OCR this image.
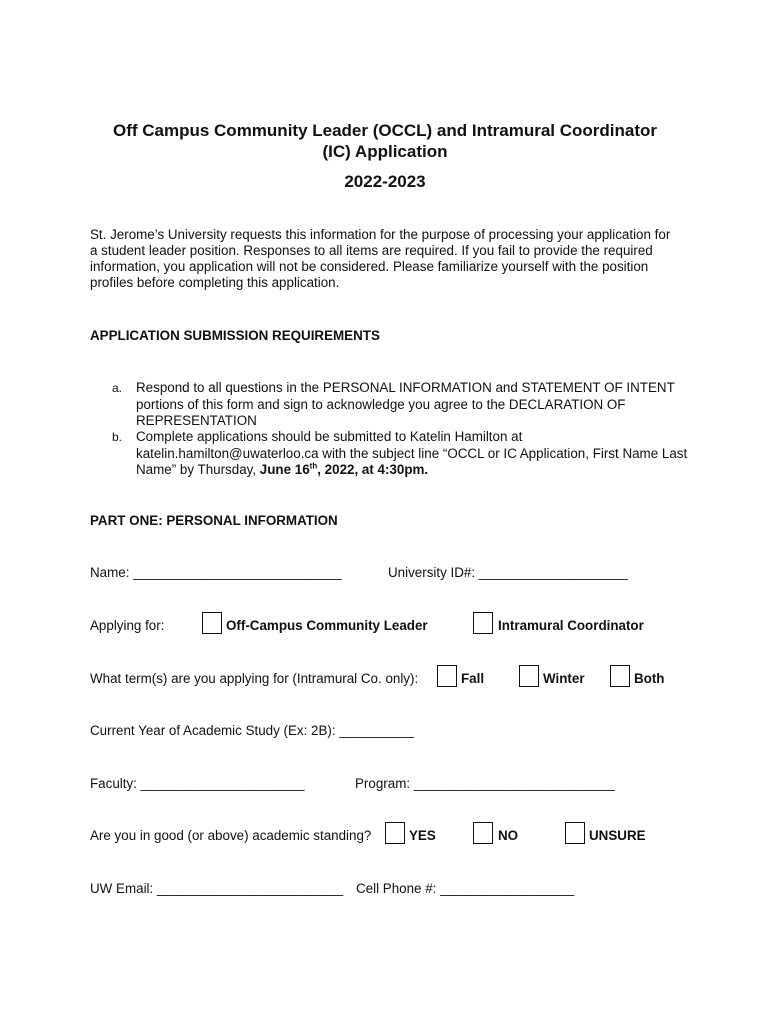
Off Campus Community Leader (OCCL) and Intramural Coordinator
(IC) Application
2022-2023
St. Jerome’s University requests this information for the purpose of processing your application for a student leader position. Responses to all items are required. If you fail to provide the required information, you application will not be considered. Please familiarize yourself with the position profiles before completing this application.
APPLICATION SUBMISSION REQUIREMENTS
a. Respond to all questions in the PERSONAL INFORMATION and STATEMENT OF INTENT portions of this form and sign to acknowledge you agree to the DECLARATION OF REPRESENTATION
b. Complete applications should be submitted to Katelin Hamilton at katelin.hamilton@uwaterloo.ca with the subject line “OCCL or IC Application, First Name Last Name” by Thursday, June 16th, 2022, at 4:30pm.
PART ONE: PERSONAL INFORMATION
Name: ____________________________	University ID#: ____________________
Applying for:	Off-Campus Community Leader	Intramural Coordinator
What term(s) are you applying for (Intramural Co. only):	Fall	Winter	Both
Current Year of Academic Study (Ex: 2B): __________
Faculty: ______________________	Program: ___________________________
Are you in good (or above) academic standing?	YES	NO	UNSURE
UW Email: _________________________ Cell Phone #: __________________
